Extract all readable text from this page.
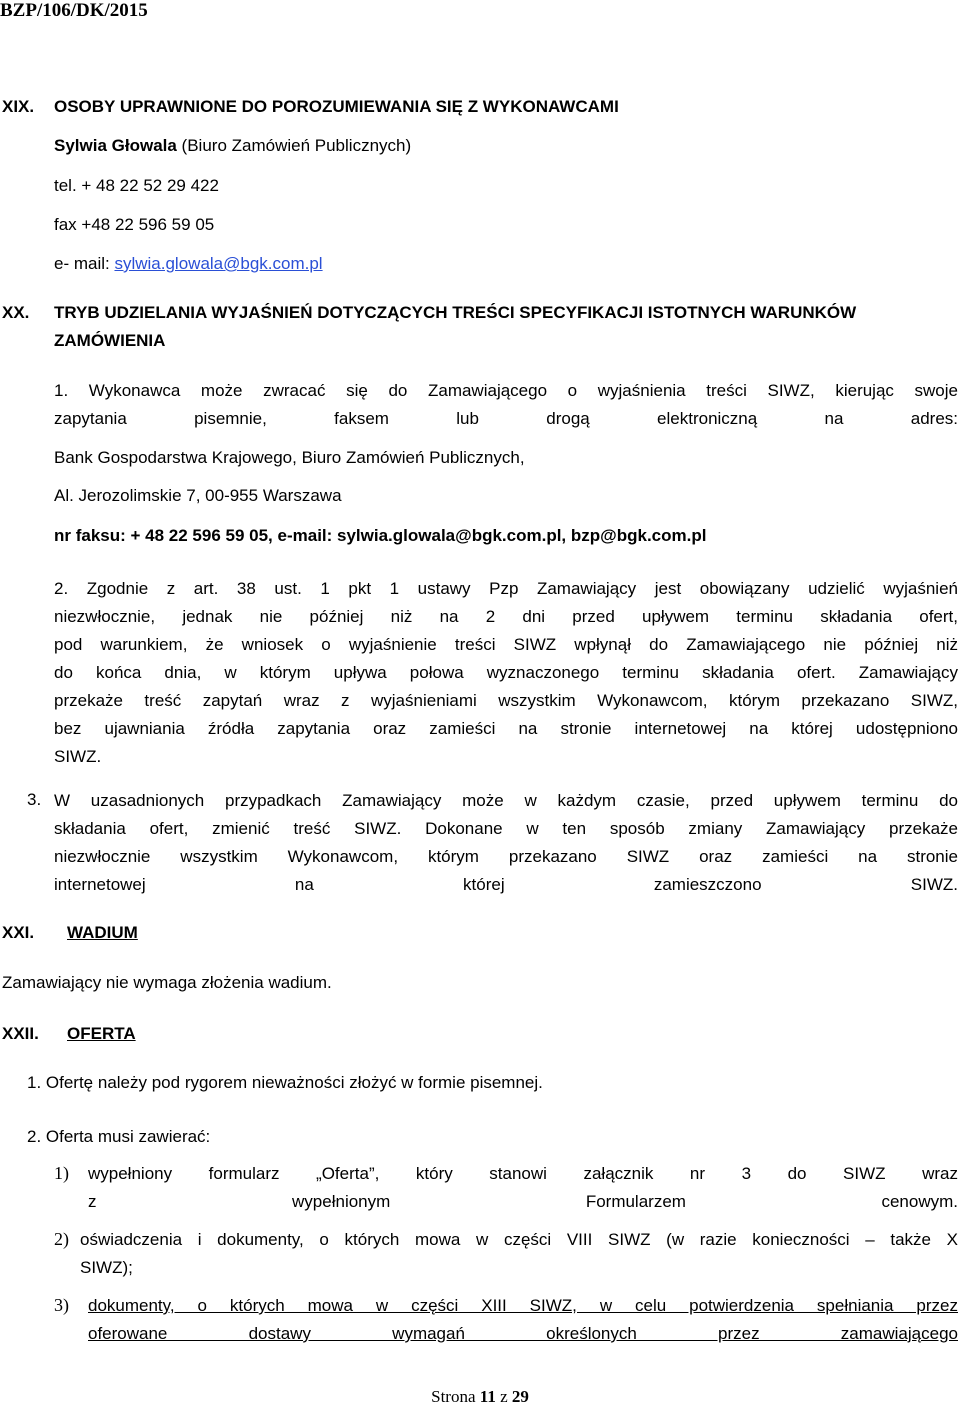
BZP/106/DK/2015
XIX. OSOBY UPRAWNIONE DO POROZUMIEWANIA SIĘ Z WYKONAWCAMI
Sylwia Głowala (Biuro Zamówień Publicznych)
tel. + 48 22 52 29 422
fax +48 22 596 59 05
e- mail: sylwia.glowala@bgk.com.pl
XX. TRYB UDZIELANIA WYJAŚNIEŃ DOTYCZĄCYCH TREŚCI SPECYFIKACJI ISTOTNYCH WARUNKÓW
ZAMÓWIENIA
1. Wykonawca może zwracać się do Zamawiającego o wyjaśnienia treści SIWZ, kierując swoje
zapytania pisemnie, faksem lub drogą elektroniczną na adres:
Bank Gospodarstwa Krajowego, Biuro Zamówień Publicznych,
Al. Jerozolimskie 7, 00-955 Warszawa
nr faksu: + 48 22 596 59 05, e-mail: sylwia.glowala@bgk.com.pl, bzp@bgk.com.pl
2. Zgodnie z art. 38 ust. 1 pkt 1 ustawy Pzp Zamawiający jest obowiązany udzielić wyjaśnień
niezwłocznie, jednak nie później niż na 2 dni przed upływem terminu składania ofert,
pod warunkiem, że wniosek o wyjaśnienie treści SIWZ wpłynął do Zamawiającego nie później niż
do końca dnia, w którym upływa połowa wyznaczonego terminu składania ofert. Zamawiający
przekaże treść zapytań wraz z wyjaśnieniami wszystkim Wykonawcom, którym przekazano SIWZ,
bez ujawniania źródła zapytania oraz zamieści na stronie internetowej na której udostępniono
SIWZ.
3. W uzasadnionych przypadkach Zamawiający może w każdym czasie, przed upływem terminu do
składania ofert, zmienić treść SIWZ. Dokonane w ten sposób zmiany Zamawiający przekaże
niezwłocznie wszystkim Wykonawcom, którym przekazano SIWZ oraz zamieści na stronie
internetowej na której zamieszczono SIWZ.
XXI. WADIUM
Zamawiający nie wymaga złożenia wadium.
XXII. OFERTA
1. Ofertę należy pod rygorem nieważności złożyć w formie pisemnej.
2. Oferta musi zawierać:
1) wypełniony formularz „Oferta”, który stanowi załącznik nr 3 do SIWZ wraz
z wypełnionym Formularzem cenowym.
2) oświadczenia i dokumenty, o których mowa w części VIII SIWZ (w razie konieczności – także X
SIWZ);
3) dokumenty, o których mowa w części XIII SIWZ, w celu potwierdzenia spełniania przez
oferowane dostawy wymagań określonych przez zamawiającego
Strona 11 z 29
